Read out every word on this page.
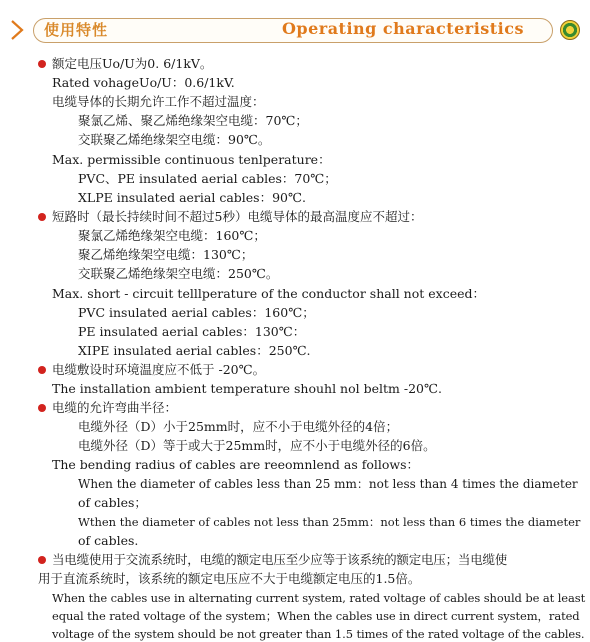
使用特性	Operating characteristics
额定电压Uo/U为0. 6/1kV。
Rated vohageUo/U：0.6/1kV.
电缆导体的长期允许工作不超过温度：
聚氯乙烯、聚乙烯绝缘架空电缆：70℃；
交联聚乙烯绝缘架空电缆：90℃。
Max. permissible continuous tenlperature：
PVC、PE insulated aerial cables：70℃；
XLPE insulated aerial cables：90℃.
短路时（最长持续时间不超过5秒）电缆导体的最高温度应不超过：
聚氯乙烯绝缘架空电缆：160℃；
聚乙烯绝缘架空电缆：130℃；
交联聚乙烯绝缘架空电缆：250℃。
Max. short - circuit telllperature of the conductor shall not exceed：
PVC insulated aerial cables：160℃；
PE insulated aerial cables：130℃：
XIPE insulated aerial cables：250℃.
电缆敷设时环境温度应不低于 -20℃。
The installation ambient temperature shouhl nol beltm -20℃.
电缆的允许弯曲半径：
电缆外径（D）小于25mm时，应不小于电缆外径的4倍；
电缆外径（D）等于或大于25mm时，应不小于电缆外径的6倍。
The bending radius of cables are reeomnlend as follows：
When the diameter of cables less than 25 mm：not less than 4 times the diameter
of cables；
Wthen the diameter of cables not less than 25mm：not less than 6 times the diameter
of cables.
当电缆使用于交流系统时，电缆的额定电压至少应等于该系统的额定电压；当电缆使
用于直流系统时，该系统的额定电压应不大于电缆额定电压的1.5倍。
When the cables use in alternating current system, rated voltage of cables should be at least
equal the rated voltage of the system；When the cables use in direct current system，rated
voltage of the system should be not greater than 1.5 times of the rated voltage of the cables.
